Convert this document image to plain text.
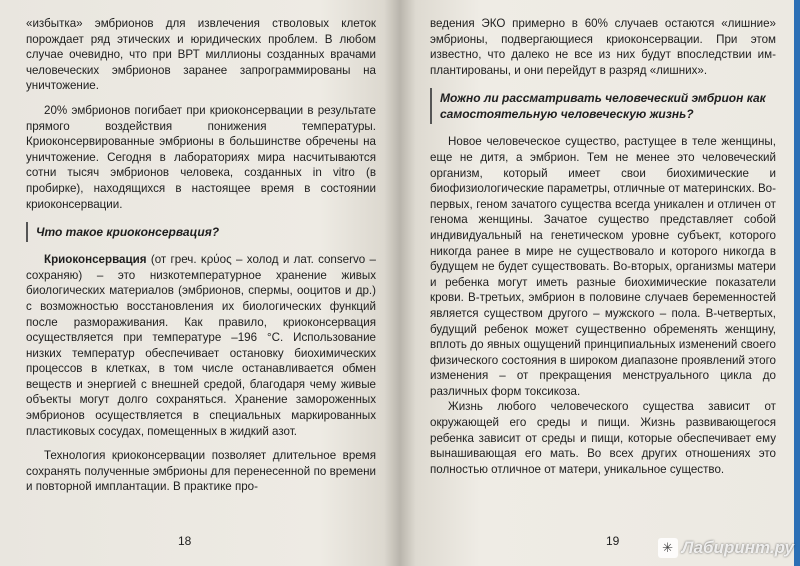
«избытка» эмбрионов для извлечения стволовых клеток порождает ряд этических и юридических проблем. В любом случае очевидно, что при ВРТ миллионы созданных врачами человеческих эмбрионов заранее запрограммированы на уничтожение.

20% эмбрионов погибает при криоконсервации в результате прямого воздействия понижения температуры. Криоконсервированные эмбрионы в большинстве обречены на уничтожение. Сегодня в лабораториях мира насчитываются сотни тысяч эмбрионов человека, созданных in vitro (в пробирке), находящихся в настоящее время в состоянии криоконсервации.

Что такое криоконсервация?

Криоконсервация (от греч. κρύος – холод и лат. conservo – сохраняю) – это низкотемпературное хранение живых биологических материалов (эмбрионов, спермы, ооцитов и др.) с возможностью восстановления их биологических функций после размораживания. Как правило, криоконсервация осуществляется при температуре –196 °С. Использование низких температур обеспечивает остановку биохимических процессов в клетках, в том числе останавливается обмен веществ и энергией с внешней средой, благодаря чему живые объекты могут долго сохраняться. Хранение замороженных эмбрионов осуществляется в специальных маркированных пластиковых сосудах, помещенных в жидкий азот.

Технология криоконсервации позволяет длительное время сохранять полученные эмбрионы для перенесенной по времени и повторной имплантации. В практике про-

18

ведения ЭКО примерно в 60% случаев остаются «лишние» эмбрионы, подвергающиеся криоконсервации. При этом известно, что далеко не все из них будут впоследствии имплантированы, и они перейдут в разряд «лишних».

Можно ли рассматривать человеческий эмбрион как самостоятельную человеческую жизнь?

Новое человеческое существо, растущее в теле женщины, еще не дитя, а эмбрион. Тем не менее это человеческий организм, который имеет свои биохимические и биофизиологические параметры, отличные от материнских. Во-первых, геном зачатого существа всегда уникален и отличен от генома женщины. Зачатое существо представляет собой индивидуальный на генетическом уровне субъект, которого никогда ранее в мире не существовало и которого никогда в будущем не будет существовать. Во-вторых, организмы матери и ребенка могут иметь разные биохимические показатели крови. В-третьих, эмбрион в половине случаев беременностей является существом другого – мужского – пола. В-четвертых, будущий ребенок может существенно обременять женщину, вплоть до явных ощущений принципиальных изменений своего физического состояния в широком диапазоне проявлений этого изменения – от прекращения менструального цикла до различных форм токсикоза.

Жизнь любого человеческого существа зависит от окружающей его среды и пищи. Жизнь развивающегося ребенка зависит от среды и пищи, которые обеспечивает ему вынашивающая его мать. Во всех других отношениях это полностью отличное от матери, уникальное существо.

19	✳ Лабиринт.ру
